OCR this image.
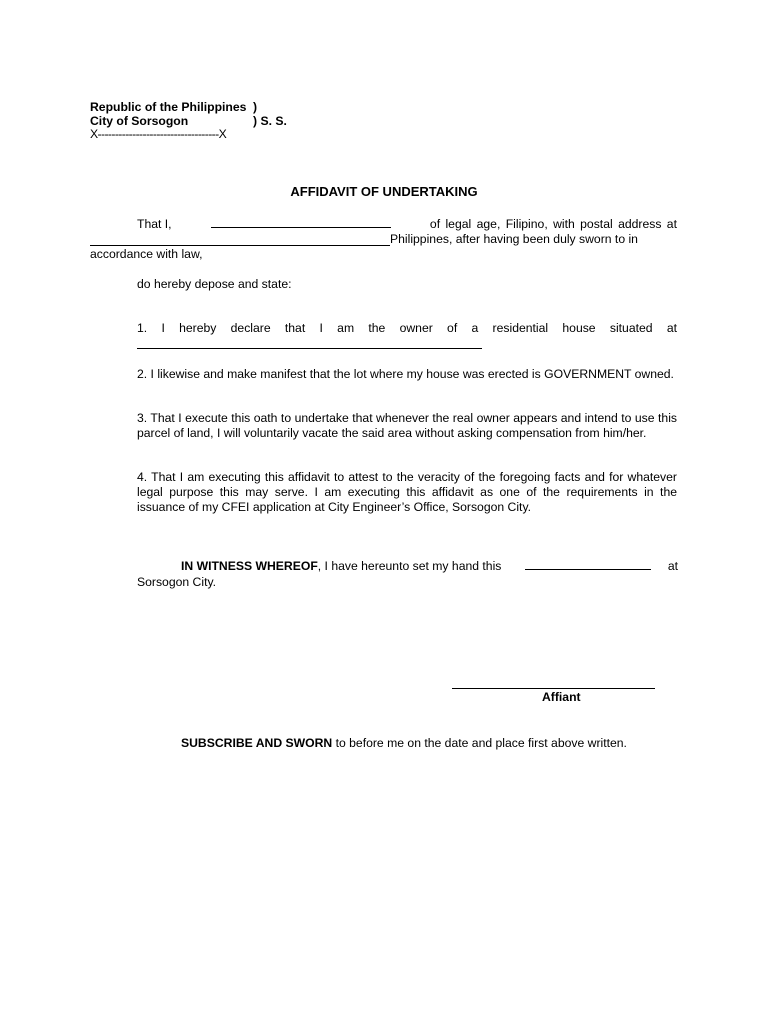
Republic of the Philippines )
City of Sorsogon	) S. S.
X-----------------------------------X
AFFIDAVIT OF UNDERTAKING
That I,	of legal age, Filipino, with postal address at
Philippines, after having been duly sworn to in
accordance with law,
do hereby depose and state:
1. I hereby declare that I am the owner of a residential house situated at
2. I likewise and make manifest that the lot where my house was erected is GOVERNMENT owned.
3. That I execute this oath to undertake that whenever the real owner appears and intend to use this parcel of land, I will voluntarily vacate the said area without asking compensation from him/her.
4. That I am executing this affidavit to attest to the veracity of the foregoing facts and for whatever legal purpose this may serve. I am executing this affidavit as one of the requirements in the issuance of my CFEI application at City Engineer’s Office, Sorsogon City.
IN WITNESS WHEREOF, I have hereunto set my hand this	at
Sorsogon City.
Affiant
SUBSCRIBE AND SWORN to before me on the date and place first above written.
